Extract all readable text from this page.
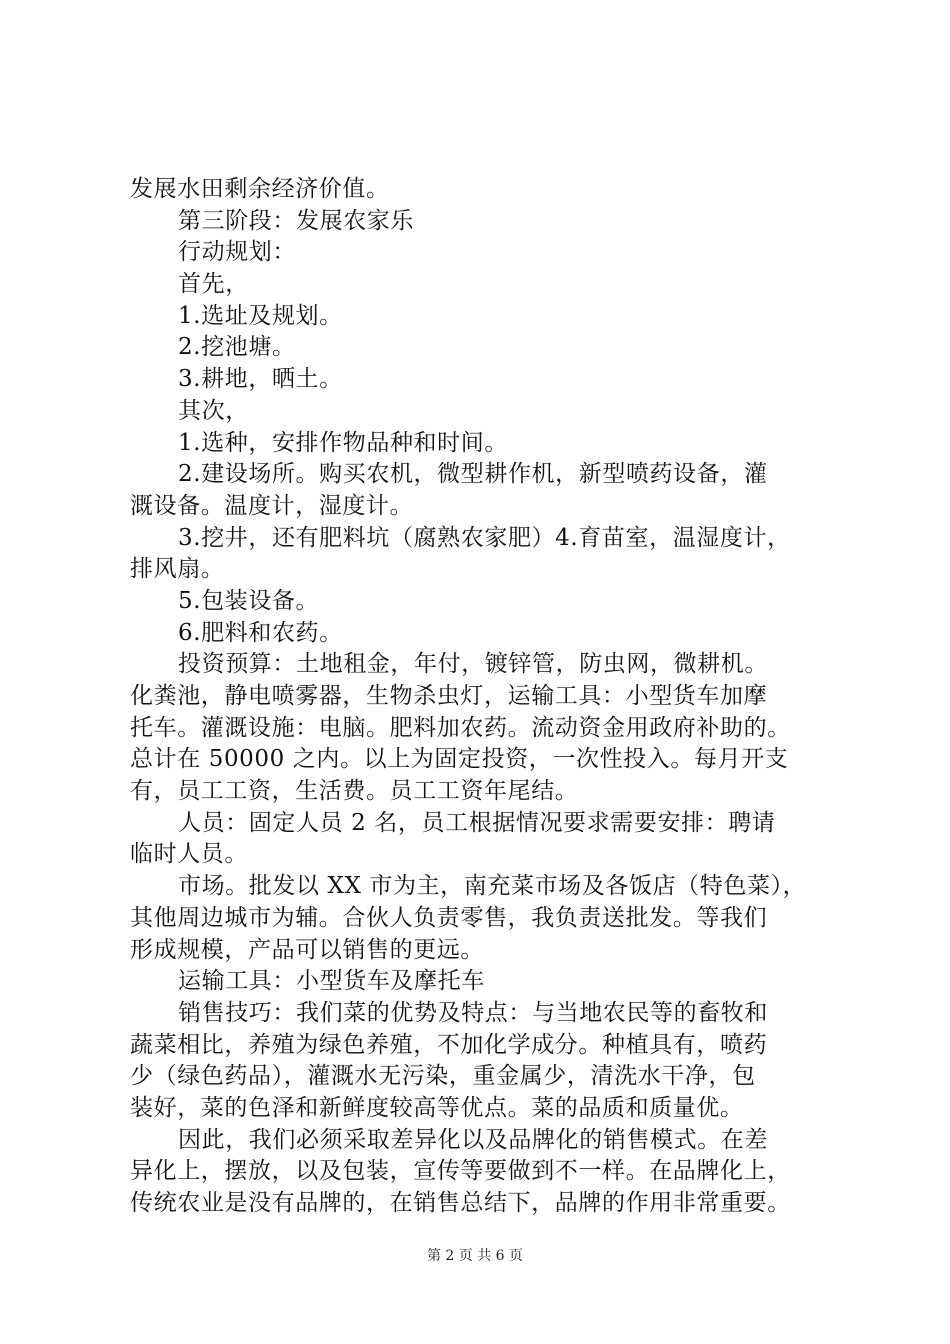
发展水田剩余经济价值。
第三阶段：发展农家乐
行动规划：
首先，
1.选址及规划。
2.挖池塘。
3.耕地，晒土。
其次，
1.选种，安排作物品种和时间。
2.建设场所。购买农机，微型耕作机，新型喷药设备，灌
溉设备。温度计，湿度计。
3.挖井，还有肥料坑（腐熟农家肥）4.育苗室，温湿度计，
排风扇。
5.包装设备。
6.肥料和农药。
投资预算：土地租金，年付，镀锌管，防虫网，微耕机。
化粪池，静电喷雾器，生物杀虫灯，运输工具：小型货车加摩
托车。灌溉设施：电脑。肥料加农药。流动资金用政府补助的。
总计在 50000 之内。以上为固定投资，一次性投入。每月开支
有，员工工资，生活费。员工工资年尾结。
人员：固定人员 2 名，员工根据情况要求需要安排：聘请
临时人员。
市场。批发以 XX 市为主，南充菜市场及各饭店（特色菜），
其他周边城市为辅。合伙人负责零售，我负责送批发。等我们
形成规模，产品可以销售的更远。
运输工具：小型货车及摩托车
销售技巧：我们菜的优势及特点：与当地农民等的畜牧和
蔬菜相比，养殖为绿色养殖，不加化学成分。种植具有，喷药
少（绿色药品），灌溉水无污染，重金属少，清洗水干净，包
装好，菜的色泽和新鲜度较高等优点。菜的品质和质量优。
因此，我们必须采取差异化以及品牌化的销售模式。在差
异化上，摆放，以及包装，宣传等要做到不一样。在品牌化上，
传统农业是没有品牌的，在销售总结下，品牌的作用非常重要。
第 2 页 共 6 页
